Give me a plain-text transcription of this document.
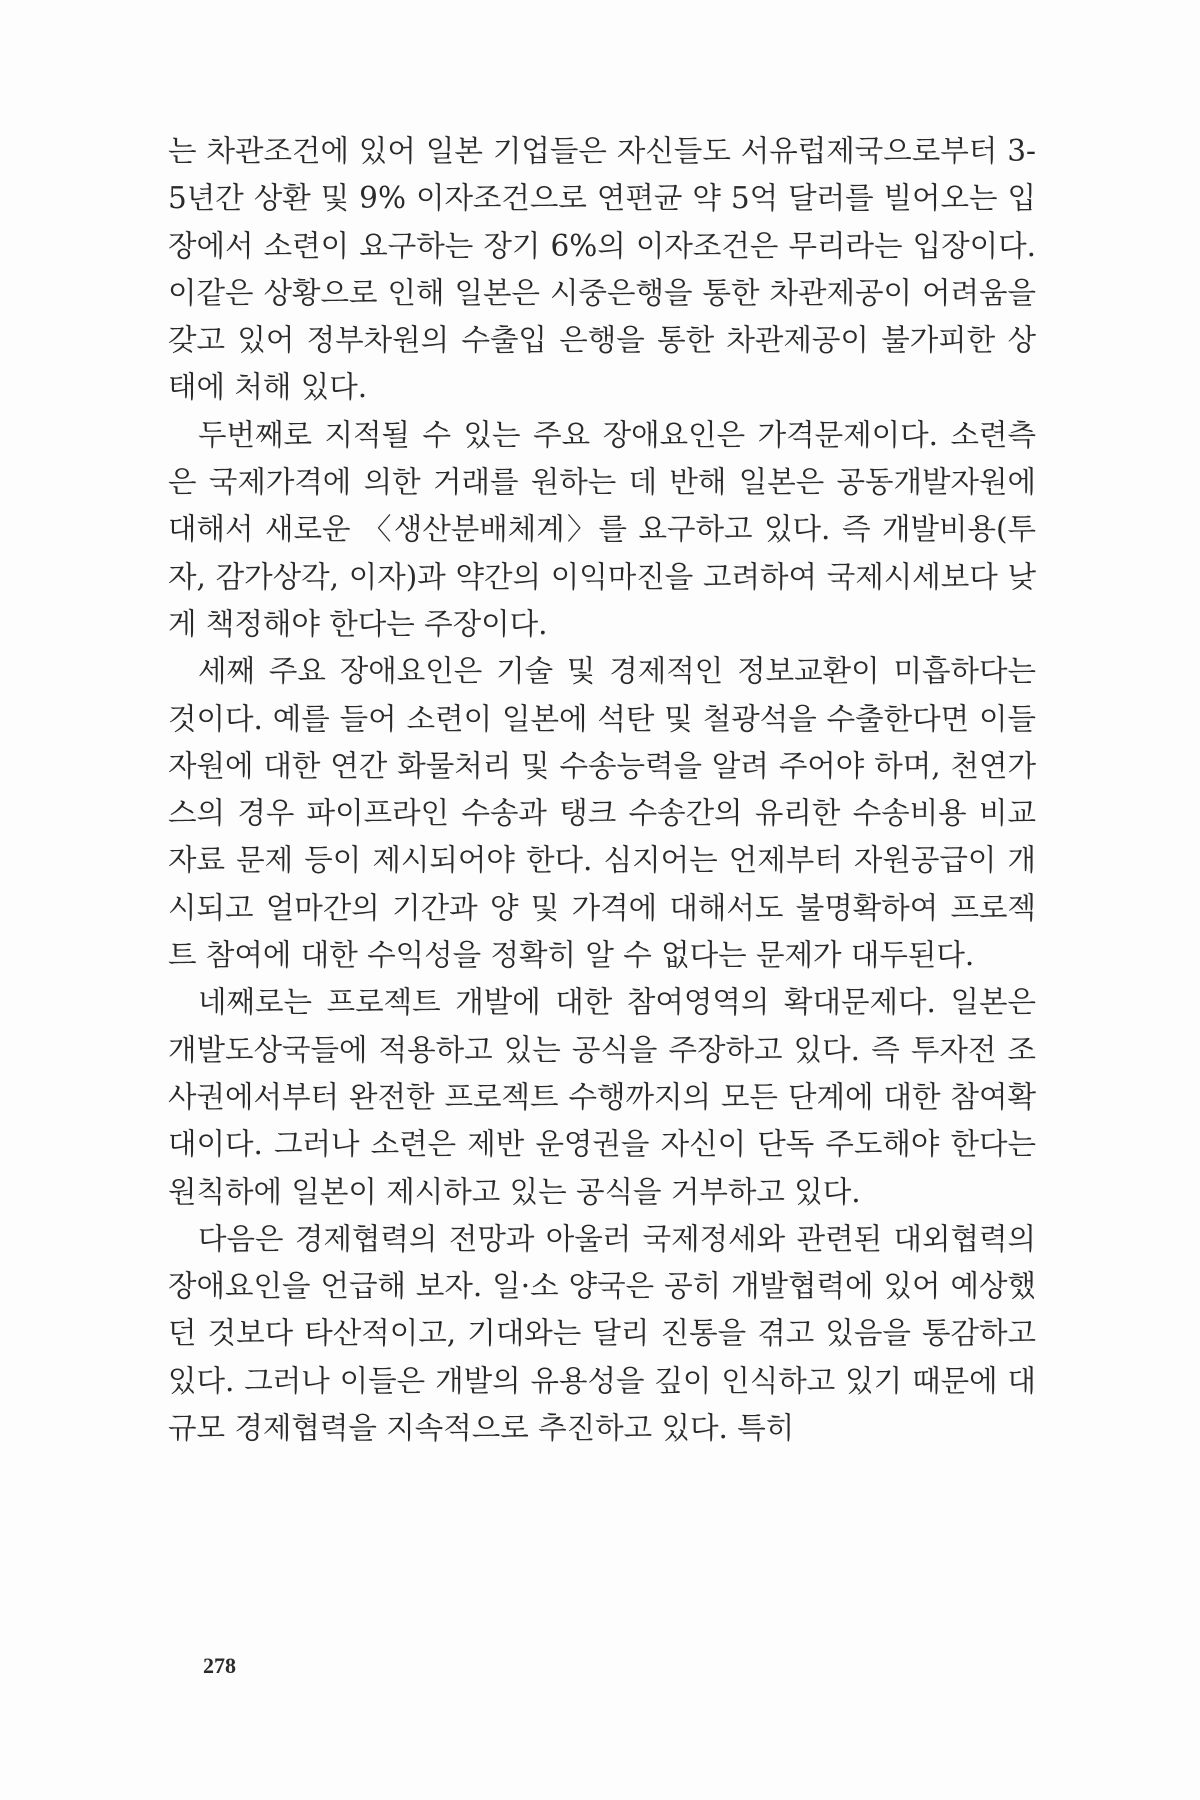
는 차관조건에 있어 일본 기업들은 자신들도 서유럽제국으로부터 3-5년간 상환 및 9% 이자조건으로 연편균 약 5억 달러를 빌어오는 입장에서 소련이 요구하는 장기 6%의 이자조건은 무리라는 입장이다. 이같은 상황으로 인해 일본은 시중은행을 통한 차관제공이 어려움을 갖고 있어 정부차원의 수출입 은행을 통한 차관제공이 불가피한 상태에 처해 있다.

두번째로 지적될 수 있는 주요 장애요인은 가격문제이다. 소련측은 국제가격에 의한 거래를 원하는 데 반해 일본은 공동개발자원에 대해서 새로운 〈생산분배체계〉를 요구하고 있다. 즉 개발비용(투자, 감가상각, 이자)과 약간의 이익마진을 고려하여 국제시세보다 낮게 책정해야 한다는 주장이다.

세째 주요 장애요인은 기술 및 경제적인 정보교환이 미흡하다는 것이다. 예를 들어 소련이 일본에 석탄 및 철광석을 수출한다면 이들 자원에 대한 연간 화물처리 및 수송능력을 알려 주어야 하며, 천연가스의 경우 파이프라인 수송과 탱크 수송간의 유리한 수송비용 비교자료 문제 등이 제시되어야 한다. 심지어는 언제부터 자원공급이 개시되고 얼마간의 기간과 양 및 가격에 대해서도 불명확하여 프로젝트 참여에 대한 수익성을 정확히 알 수 없다는 문제가 대두된다.

네째로는 프로젝트 개발에 대한 참여영역의 확대문제다. 일본은 개발도상국들에 적용하고 있는 공식을 주장하고 있다. 즉 투자전 조사권에서부터 완전한 프로젝트 수행까지의 모든 단계에 대한 참여확대이다. 그러나 소련은 제반 운영권을 자신이 단독 주도해야 한다는 원칙하에 일본이 제시하고 있는 공식을 거부하고 있다.

다음은 경제협력의 전망과 아울러 국제정세와 관련된 대외협력의 장애요인을 언급해 보자. 일·소 양국은 공히 개발협력에 있어 예상했던 것보다 타산적이고, 기대와는 달리 진통을 겪고 있음을 통감하고 있다. 그러나 이들은 개발의 유용성을 깊이 인식하고 있기 때문에 대규모 경제협력을 지속적으로 추진하고 있다. 특히

278
